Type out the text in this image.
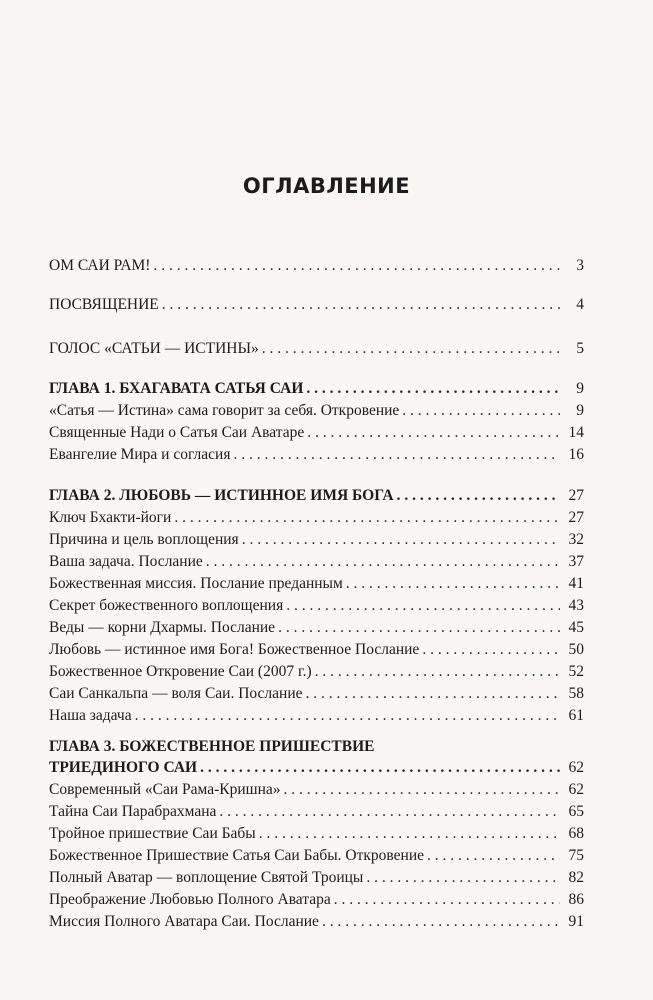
ОГЛАВЛЕНИЕ
ОМ САИ РАМ! . . .	3
ПОСВЯЩЕНИЕ . . .	4
ГОЛОС «САТЬИ — ИСТИНЫ» . . .	5
ГЛАВА 1. БХАГАВАТА САТЬЯ САИ . . .	9
«Сатья — Истина» сама говорит за себя. Откровение . . .	9
Священные Нади о Сатья Саи Аватаре . . .	14
Евангелие Мира и согласия . . .	16
ГЛАВА 2. ЛЮБОВЬ — ИСТИННОЕ ИМЯ БОГА . . .	27
Ключ Бхакти-йоги . . .	27
Причина и цель воплощения . . .	32
Ваша задача. Послание . . .	37
Божественная миссия. Послание преданным . . .	41
Секрет божественного воплощения . . .	43
Веды — корни Дхармы. Послание . . .	45
Любовь — истинное имя Бога! Божественное Послание . . .	50
Божественное Откровение Саи (2007 г.) . . .	52
Саи Санкальпа — воля Саи. Послание . . .	58
Наша задача . . .	61
ГЛАВА 3. БОЖЕСТВЕННОЕ ПРИШЕСТВИЕ
ТРИЕДИНОГО САИ . . .	62
Современный «Саи Рама-Кришна» . . .	62
Тайна Саи Парабрахмана . . .	65
Тройное пришествие Саи Бабы . . .	68
Божественное Пришествие Сатья Саи Бабы. Откровение . . .	75
Полный Аватар — воплощение Святой Троицы . . .	82
Преображение Любовью Полного Аватара . . .	86
Миссия Полного Аватара Саи. Послание . . .	91
